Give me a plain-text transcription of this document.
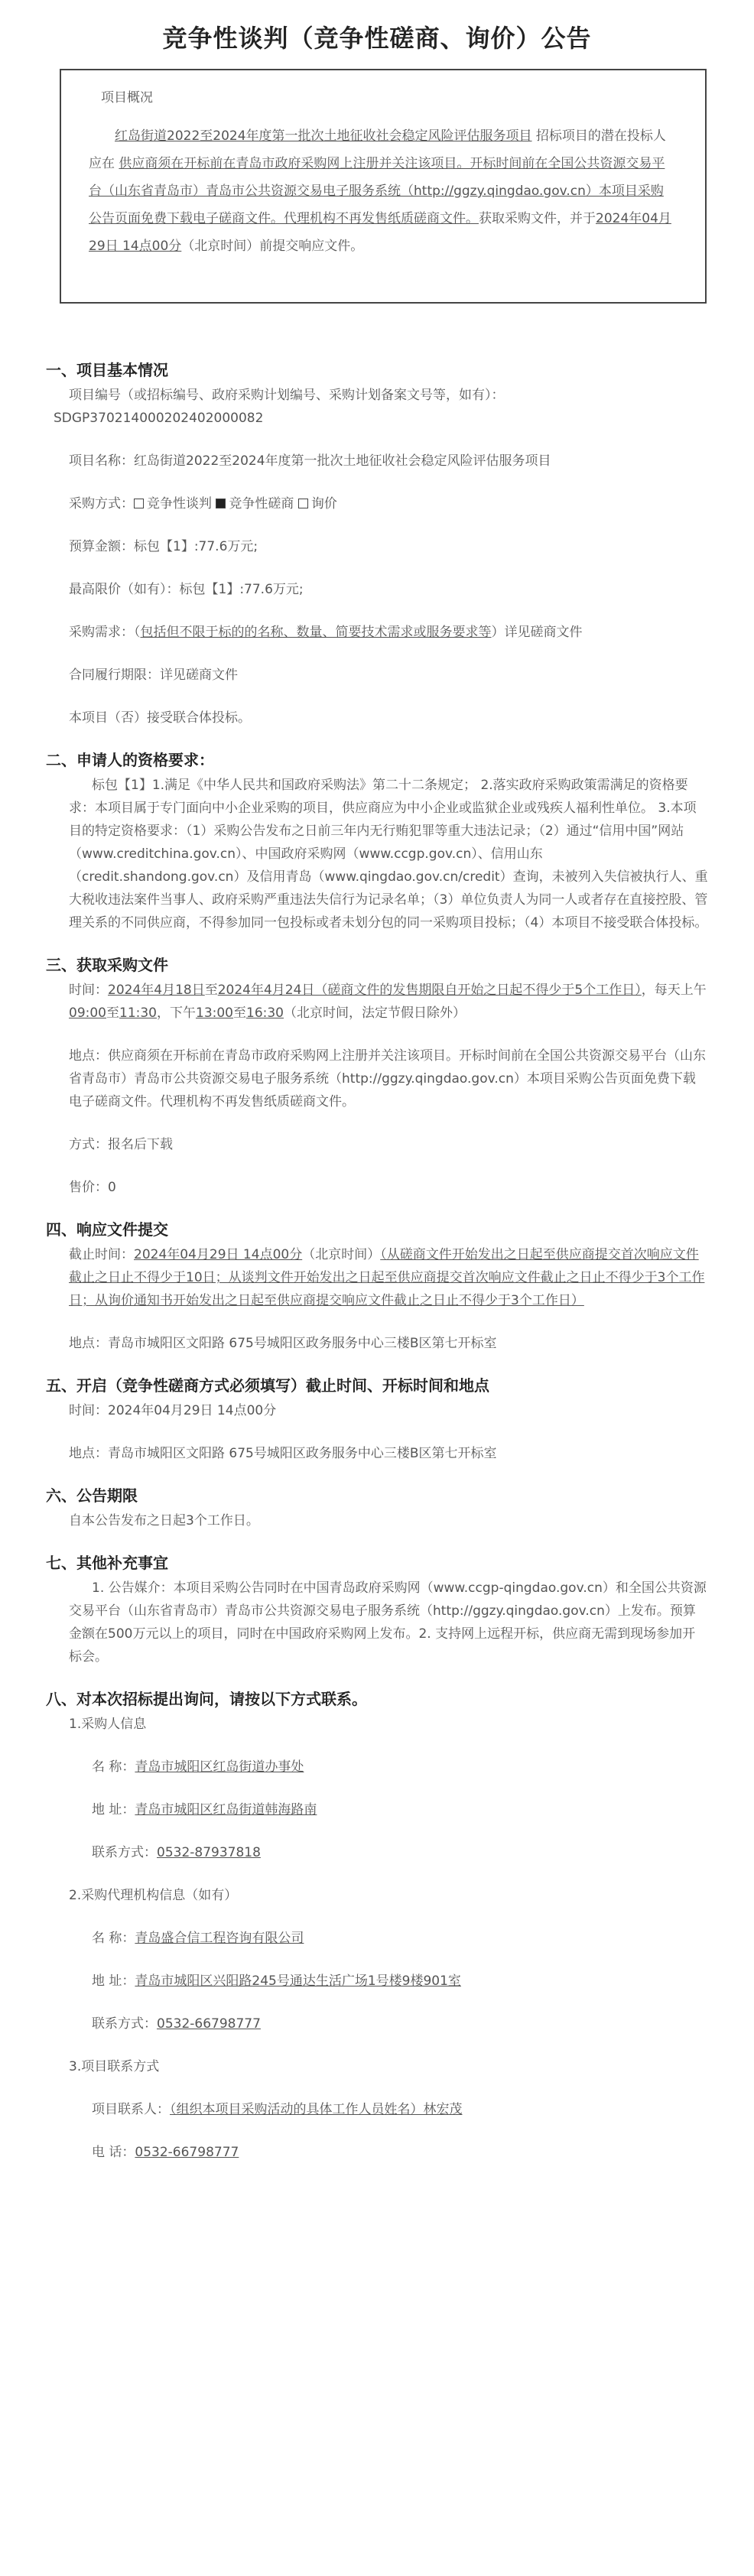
竞争性谈判（竞争性磋商、询价）公告
项目概况

红岛街道2022至2024年度第一批次土地征收社会稳定风险评估服务项目 招标项目的潜在投标人应在 供应商须在开标前在青岛市政府采购网上注册并关注该项目。开标时间前在全国公共资源交易平台（山东省青岛市）青岛市公共资源交易电子服务系统（http://ggzy.qingdao.gov.cn）本项目采购公告页面免费下载电子磋商文件。代理机构不再发售纸质磋商文件。获取采购文件，并于2024年04月29日 14点00分（北京时间）前提交响应文件。

一、项目基本情况

项目编号（或招标编号、政府采购计划编号、采购计划备案文号等，如有）：

SDGP370214000202402000082

项目名称：红岛街道2022至2024年度第一批次土地征收社会稳定风险评估服务项目

采购方式： 竞争性谈判 竞争性磋商 询价

预算金额：标包【1】:77.6万元;

最高限价（如有）：标包【1】:77.6万元;

采购需求：（包括但不限于标的的名称、数量、简要技术需求或服务要求等）详见磋商文件

合同履行期限：详见磋商文件

本项目（否）接受联合体投标。

二、申请人的资格要求：

标包【1】1.满足《中华人民共和国政府采购法》第二十二条规定； 2.落实政府采购政策需满足的资格要求：本项目属于专门面向中小企业采购的项目，供应商应为中小企业或监狱企业或残疾人福利性单位。 3.本项目的特定资格要求：（1）采购公告发布之日前三年内无行贿犯罪等重大违法记录；（2）通过“信用中国”网站（www.creditchina.gov.cn）、中国政府采购网（www.ccgp.gov.cn）、信用山东（credit.shandong.gov.cn）及信用青岛（www.qingdao.gov.cn/credit）查询，未被列入失信被执行人、重大税收违法案件当事人、政府采购严重违法失信行为记录名单；（3）单位负责人为同一人或者存在直接控股、管理关系的不同供应商，不得参加同一包投标或者未划分包的同一采购项目投标；（4）本项目不接受联合体投标。

三、获取采购文件

时间：2024年4月18日至2024年4月24日（磋商文件的发售期限自开始之日起不得少于5个工作日），每天上午09:00至11:30，下午13:00至16:30（北京时间，法定节假日除外）

地点：供应商须在开标前在青岛市政府采购网上注册并关注该项目。开标时间前在全国公共资源交易平台（山东省青岛市）青岛市公共资源交易电子服务系统（http://ggzy.qingdao.gov.cn）本项目采购公告页面免费下载电子磋商文件。代理机构不再发售纸质磋商文件。

方式：报名后下载

售价：0

四、响应文件提交

截止时间：2024年04月29日 14点00分（北京时间）（从磋商文件开始发出之日起至供应商提交首次响应文件截止之日止不得少于10日；从谈判文件开始发出之日起至供应商提交首次响应文件截止之日止不得少于3个工作日；从询价通知书开始发出之日起至供应商提交响应文件截止之日止不得少于3个工作日）

地点：青岛市城阳区文阳路 675号城阳区政务服务中心三楼B区第七开标室

五、开启（竞争性磋商方式必须填写）截止时间、开标时间和地点

时间：2024年04月29日 14点00分

地点：青岛市城阳区文阳路 675号城阳区政务服务中心三楼B区第七开标室

六、公告期限

自本公告发布之日起3个工作日。

七、其他补充事宜

1. 公告媒介：本项目采购公告同时在中国青岛政府采购网（www.ccgp-qingdao.gov.cn）和全国公共资源交易平台（山东省青岛市）青岛市公共资源交易电子服务系统（http://ggzy.qingdao.gov.cn）上发布。预算金额在500万元以上的项目，同时在中国政府采购网上发布。2. 支持网上远程开标，供应商无需到现场参加开标会。

八、对本次招标提出询问，请按以下方式联系。

1.采购人信息

名 称：青岛市城阳区红岛街道办事处

地 址：青岛市城阳区红岛街道韩海路南

联系方式：0532-87937818

2.采购代理机构信息（如有）

名 称：青岛盛合信工程咨询有限公司

地 址：青岛市城阳区兴阳路245号通达生活广场1号楼9楼901室

联系方式：0532-66798777

3.项目联系方式

项目联系人：（组织本项目采购活动的具体工作人员姓名）林宏茂

电 话：0532-66798777
